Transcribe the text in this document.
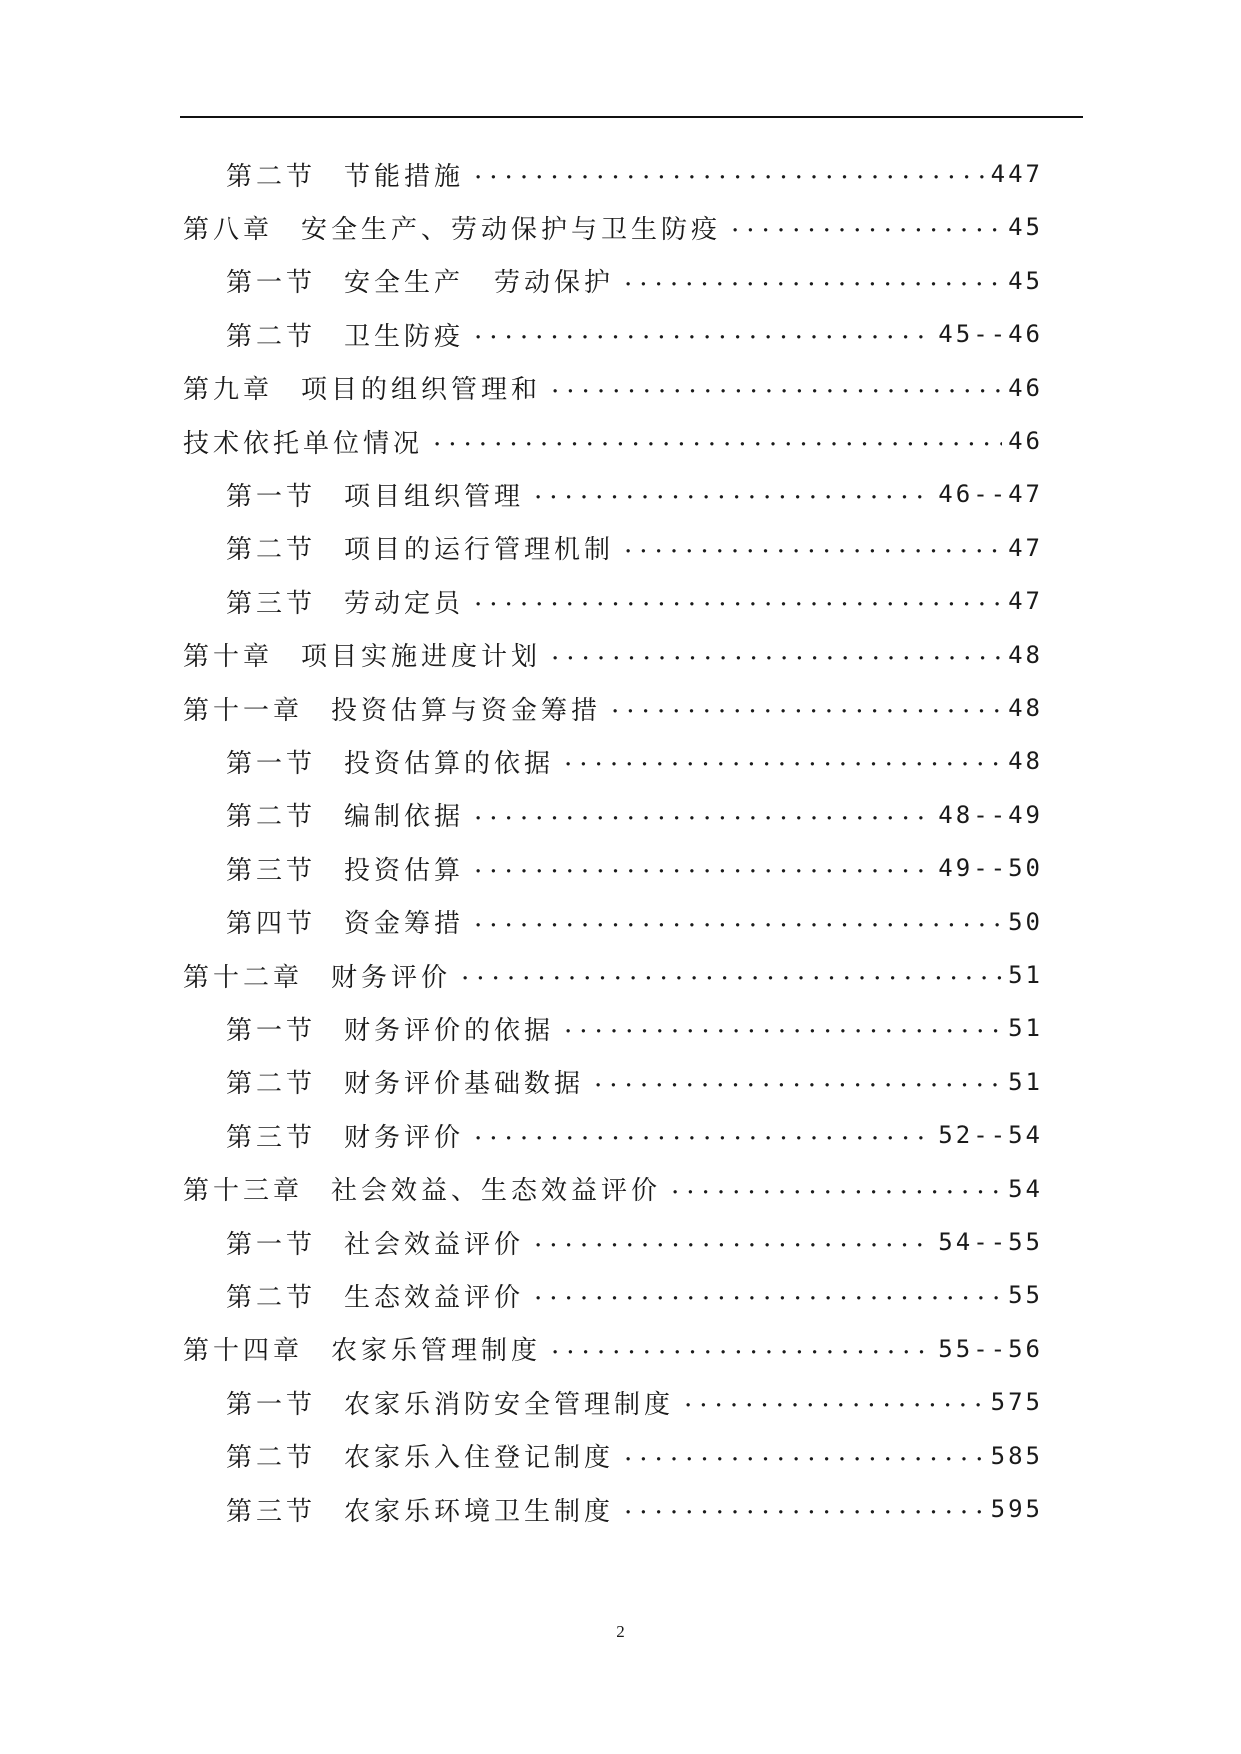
第二节 节能措施 .....	447
第八章 安全生产、劳动保护与卫生防疫 .....	45
第一节 安全生产　劳动保护 .....	45
第二节 卫生防疫 .....	45--46
第九章 项目的组织管理和 .....	46
技术依托单位情况 .....	46
第一节 项目组织管理 .....	46--47
第二节 项目的运行管理机制 .....	47
第三节 劳动定员 .....	47
第十章 项目实施进度计划 .....	48
第十一章 投资估算与资金筹措 .....	48
第一节 投资估算的依据 .....	48
第二节 编制依据 .....	48--49
第三节 投资估算 .....	49--50
第四节 资金筹措 .....	50
第十二章 财务评价 .....	51
第一节 财务评价的依据 .....	51
第二节 财务评价基础数据 .....	51
第三节 财务评价 .....	52--54
第十三章 社会效益、生态效益评价 .....	54
第一节 社会效益评价 .....	54--55
第二节 生态效益评价 .....	55
第十四章 农家乐管理制度 .....	55--56
第一节 农家乐消防安全管理制度 .....	575
第二节 农家乐入住登记制度 .....	585
第三节 农家乐环境卫生制度 .....	595
2
